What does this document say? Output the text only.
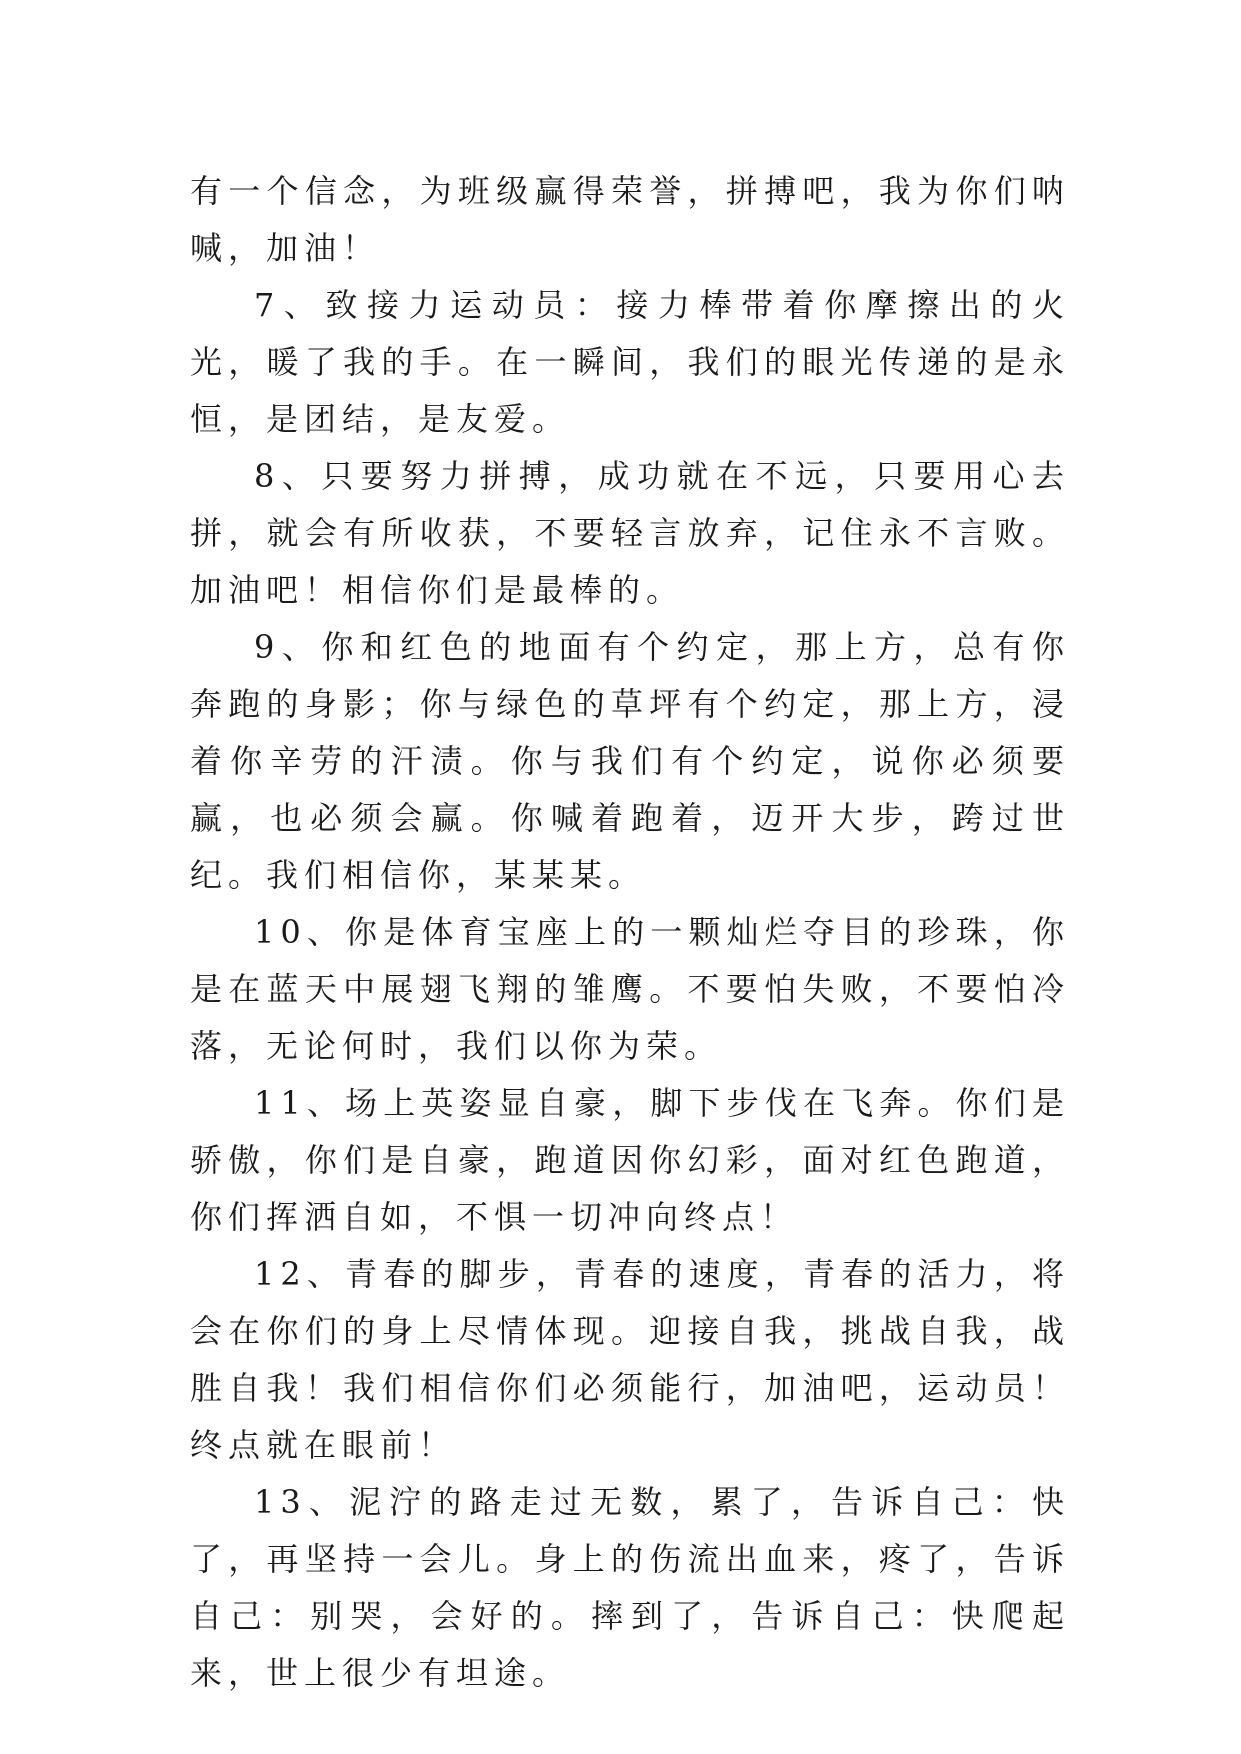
有一个信念，为班级赢得荣誉，拼搏吧，我为你们呐喊，加油！

7、致接力运动员：接力棒带着你摩擦出的火光，暖了我的手。在一瞬间，我们的眼光传递的是永恒，是团结，是友爱。

8、只要努力拼搏，成功就在不远，只要用心去拼，就会有所收获，不要轻言放弃，记住永不言败。加油吧！相信你们是最棒的。

9、你和红色的地面有个约定，那上方，总有你奔跑的身影；你与绿色的草坪有个约定，那上方，浸着你辛劳的汗渍。你与我们有个约定，说你必须要赢，也必须会赢。你喊着跑着，迈开大步，跨过世纪。我们相信你，某某某。

10、你是体育宝座上的一颗灿烂夺目的珍珠，你是在蓝天中展翅飞翔的雏鹰。不要怕失败，不要怕冷落，无论何时，我们以你为荣。

11、场上英姿显自豪，脚下步伐在飞奔。你们是骄傲，你们是自豪，跑道因你幻彩，面对红色跑道，你们挥洒自如，不惧一切冲向终点！

12、青春的脚步，青春的速度，青春的活力，将会在你们的身上尽情体现。迎接自我，挑战自我，战胜自我！我们相信你们必须能行，加油吧，运动员！终点就在眼前！

13、泥泞的路走过无数，累了，告诉自己：快了，再坚持一会儿。身上的伤流出血来，疼了，告诉自己：别哭，会好的。摔到了，告诉自己：快爬起来，世上很少有坦途。
